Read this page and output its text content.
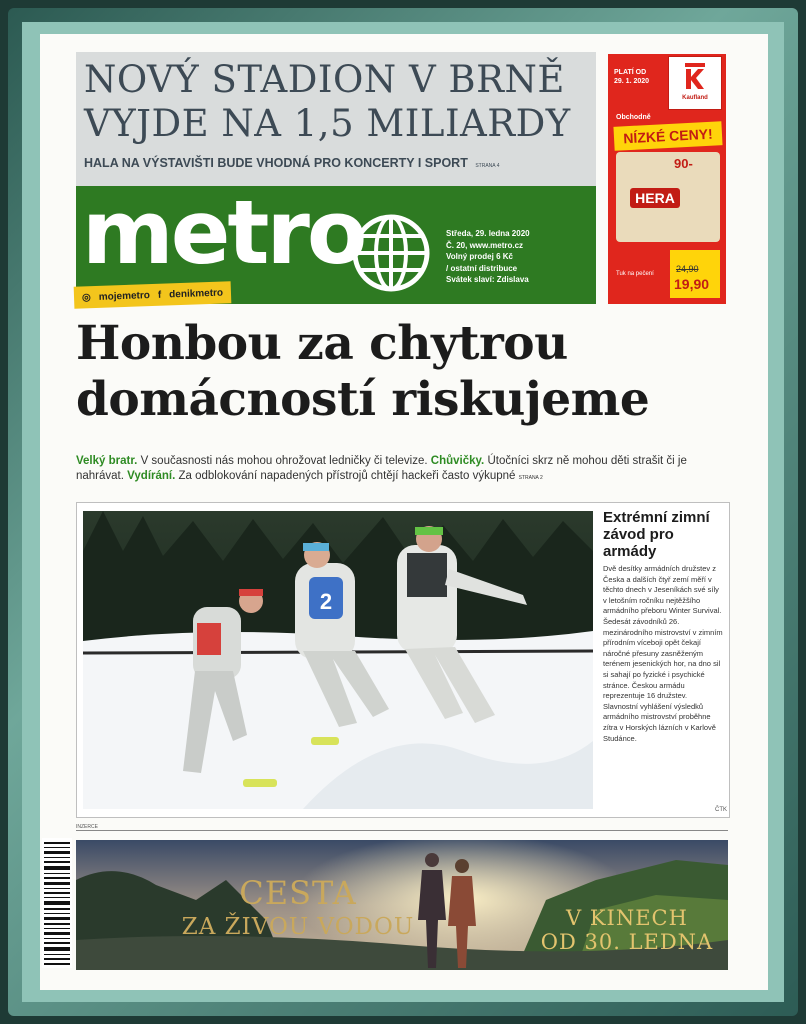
NOVÝ STADION V BRNĚ
VYJDE NA 1,5 MILIARDY
HALA NA VÝSTAVIŠTI BUDE VHODNÁ PRO KONCERTY I SPORT STRANA 4
metro	Středa, 29. ledna 2020
Č. 20, www.metro.cz
Volný prodej 6 Kč
/ ostatní distribuce
Svátek slaví: Zdislava
◎ mojemetro f denikmetro
PLATÍ OD
29. 1. 2020
Kaufland
Obchodně
NÍZKÉ CENY!
90-
HERA
Tuk na pečení	24,90
19,90
Honbou za chytrou
domácností riskujeme
Velký bratr. V současnosti nás mohou ohrožovat ledničky či televize. Chůvičky. Útočníci skrz ně mohou děti strašit či je nahrávat. Vydírání. Za odblokování napadených přístrojů chtějí hackeři často výkupné STRANA 2
2
Extrémní zimní závod pro armády

Dvě desítky armádních družstev z Česka a dalších čtyř zemí měří v těchto dnech v Jeseníkách své síly v letošním ročníku nejtěžšího armádního přeboru Winter Survival. Šedesát závodníků 26. mezinárodního mistrovství v zimním přírodním víceboji opět čekají náročné přesuny zasněženým terénem jesenických hor, na dno sil si sahají po fyzické i psychické stránce. Českou armádu reprezentuje 16 družstev. Slavnostní vyhlášení výsledků armádního mistrovství proběhne zítra v Horských lázních v Karlově Studánce.

ČTK
INZERCE
CESTA
ZA ŽIVOU VODOU	V KINECH
OD 30. LEDNA
